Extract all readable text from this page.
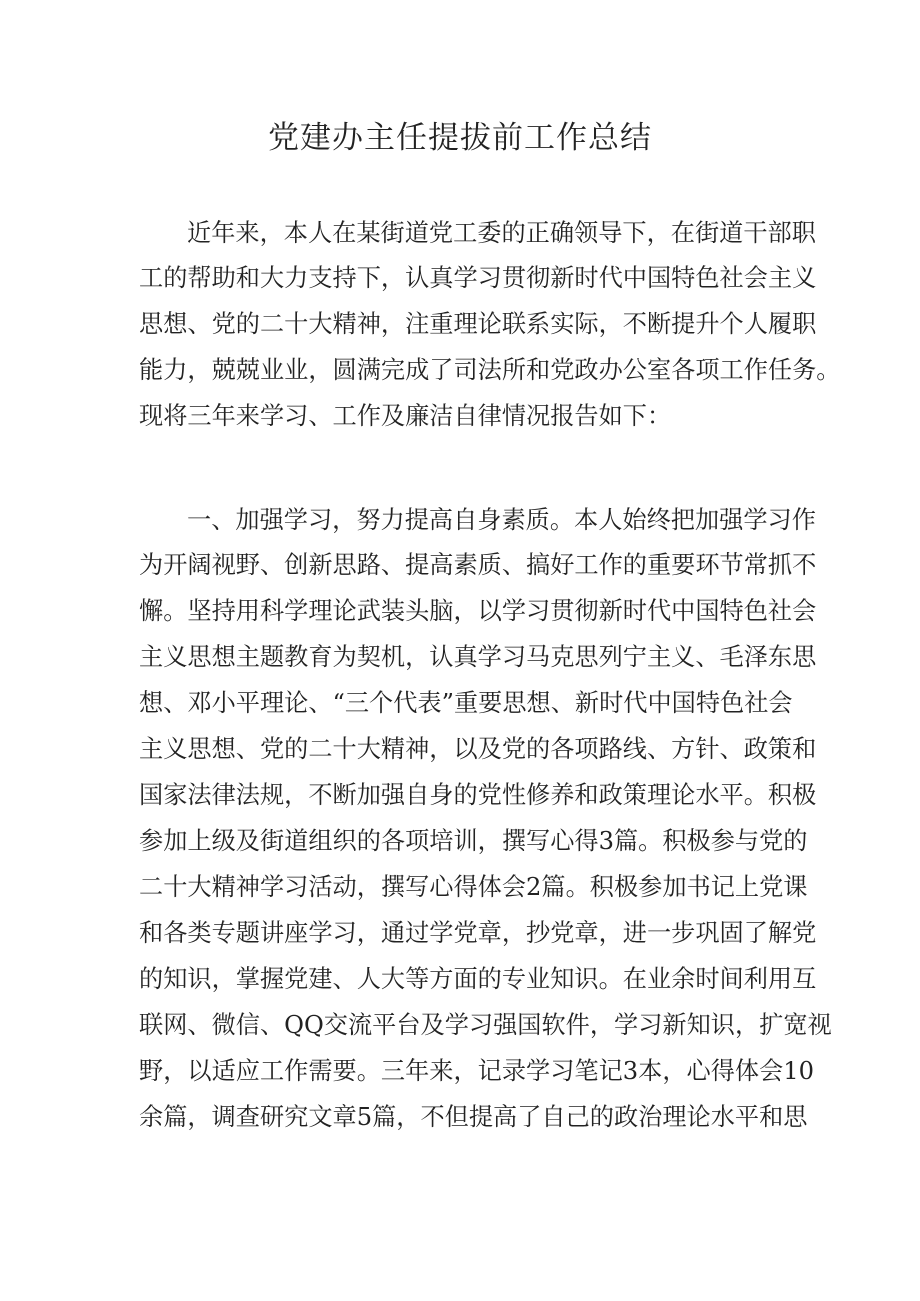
党建办主任提拔前工作总结
近年来，本人在某街道党工委的正确领导下，在街道干部职
工的帮助和大力支持下，认真学习贯彻新时代中国特色社会主义
思想、党的二十大精神，注重理论联系实际，不断提升个人履职
能力，兢兢业业，圆满完成了司法所和党政办公室各项工作任务。
现将三年来学习、工作及廉洁自律情况报告如下：
一、加强学习，努力提高自身素质。本人始终把加强学习作
为开阔视野、创新思路、提高素质、搞好工作的重要环节常抓不
懈。坚持用科学理论武装头脑，以学习贯彻新时代中国特色社会
主义思想主题教育为契机，认真学习马克思列宁主义、毛泽东思
想、邓小平理论、“三个代表”重要思想、新时代中国特色社会
主义思想、党的二十大精神，以及党的各项路线、方针、政策和
国家法律法规，不断加强自身的党性修养和政策理论水平。积极
参加上级及街道组织的各项培训，撰写心得3篇。积极参与党的
二十大精神学习活动，撰写心得体会2篇。积极参加书记上党课
和各类专题讲座学习，通过学党章，抄党章，进一步巩固了解党
的知识，掌握党建、人大等方面的专业知识。在业余时间利用互
联网、微信、QQ交流平台及学习强国软件，学习新知识，扩宽视
野，以适应工作需要。三年来，记录学习笔记3本，心得体会10
余篇，调查研究文章5篇，不但提高了自己的政治理论水平和思
